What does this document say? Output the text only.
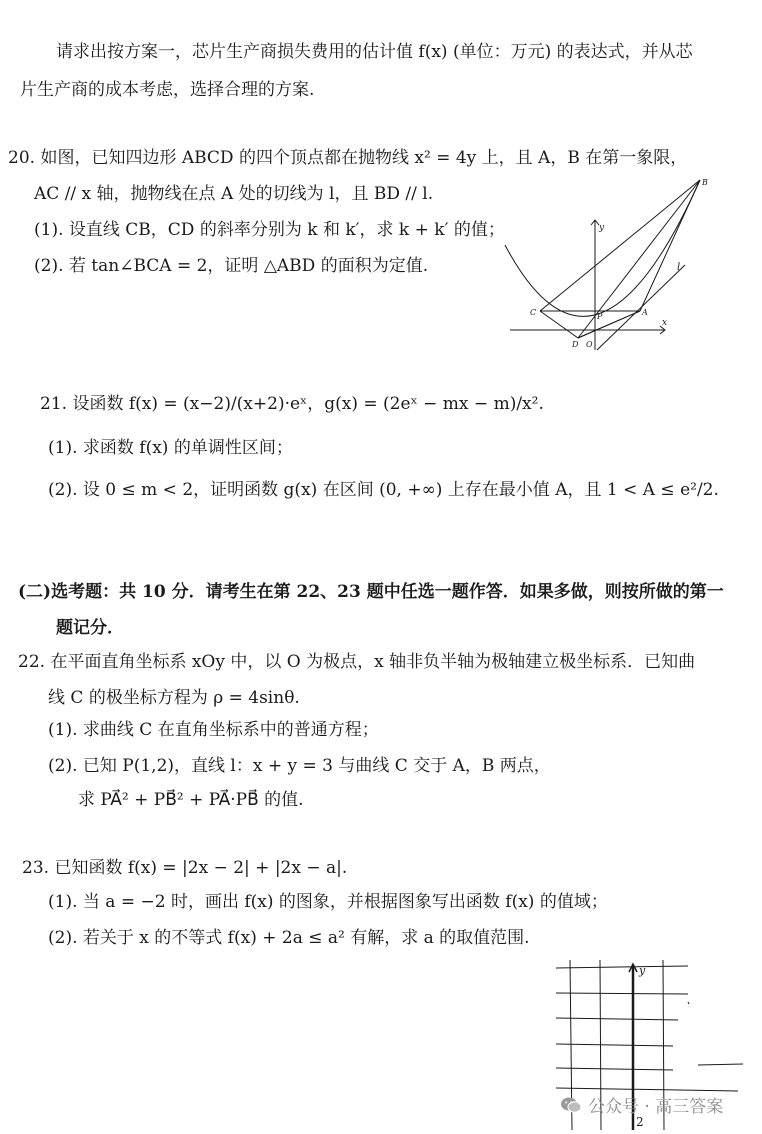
请求出按方案一，芯片生产商损失费用的估计值 f(x) (单位：万元) 的表达式，并从芯
片生产商的成本考虑，选择合理的方案.
20. 如图，已知四边形 ABCD 的四个顶点都在抛物线 x² = 4y 上，且 A，B 在第一象限，
AC // x 轴，抛物线在点 A 处的切线为 l，且 BD // l.
(1). 设直线 CB，CD 的斜率分别为 k 和 k′，求 k + k′ 的值；
(2). 若 tan∠BCA = 2，证明 △ABD 的面积为定值.
B
y
l
C	P	A
x
D O
21. 设函数 f(x) = (x−2)/(x+2)·eˣ，g(x) = (2eˣ − mx − m)/x².
(1). 求函数 f(x) 的单调性区间；
(2). 设 0 ≤ m < 2，证明函数 g(x) 在区间 (0, +∞) 上存在最小值 A，且 1 < A ≤ e²/2.
(二)选考题：共 10 分．请考生在第 22、23 题中任选一题作答．如果多做，则按所做的第一
题记分．
22. 在平面直角坐标系 xOy 中，以 O 为极点，x 轴非负半轴为极轴建立极坐标系．已知曲
线 C 的极坐标方程为 ρ = 4sinθ.
(1). 求曲线 C 在直角坐标系中的普通方程；
(2). 已知 P(1,2)，直线 l：x + y = 3 与曲线 C 交于 A，B 两点，
求 PA⃗² + PB⃗² + PA⃗·PB⃗ 的值.
23. 已知函数 f(x) = |2x − 2| + |2x − a|.
(1). 当 a = −2 时，画出 f(x) 的图象，并根据图象写出函数 f(x) 的值域；
(2). 若关于 x 的不等式 f(x) + 2a ≤ a² 有解，求 a 的取值范围.
y
2
公众号 · 高三答案
